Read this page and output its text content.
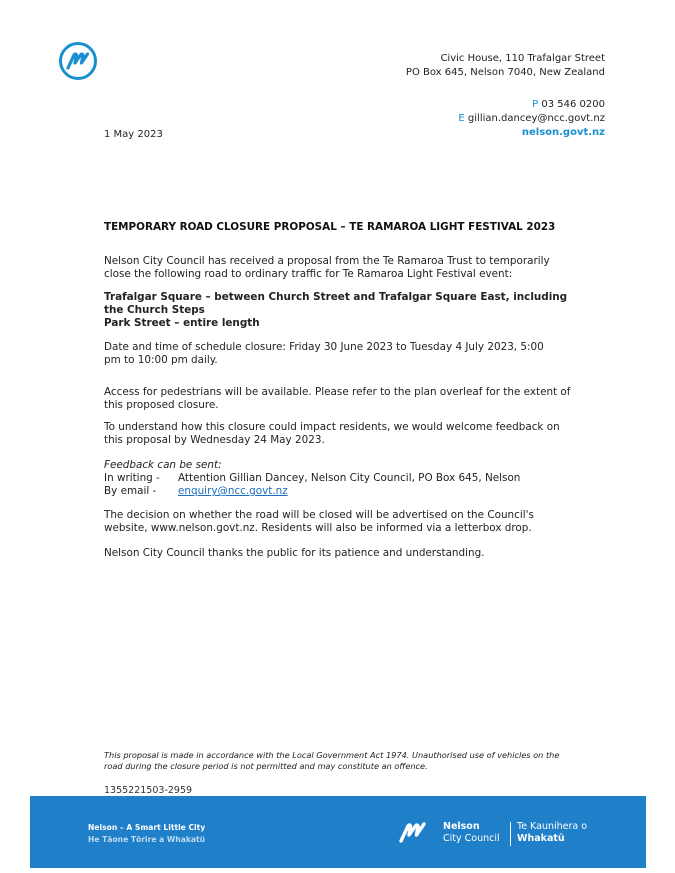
Civic House, 110 Trafalgar Street
PO Box 645, Nelson 7040, New Zealand
P 03 546 0200
E gillian.dancey@ncc.govt.nz
nelson.govt.nz
1 May 2023
TEMPORARY ROAD CLOSURE PROPOSAL – TE RAMAROA LIGHT FESTIVAL 2023
Nelson City Council has received a proposal from the Te Ramaroa Trust to temporarily
close the following road to ordinary traffic for Te Ramaroa Light Festival event:
Trafalgar Square – between Church Street and Trafalgar Square East, including
the Church Steps
Park Street – entire length
Date and time of schedule closure: Friday 30 June 2023 to Tuesday 4 July 2023, 5:00
pm to 10:00 pm daily.
Access for pedestrians will be available. Please refer to the plan overleaf for the extent of
this proposed closure.
To understand how this closure could impact residents, we would welcome feedback on
this proposal by Wednesday 24 May 2023.
Feedback can be sent:
In writing - Attention Gillian Dancey, Nelson City Council, PO Box 645, Nelson
By email - enquiry@ncc.govt.nz
The decision on whether the road will be closed will be advertised on the Council's
website, www.nelson.govt.nz. Residents will also be informed via a letterbox drop.
Nelson City Council thanks the public for its patience and understanding.
This proposal is made in accordance with the Local Government Act 1974. Unauthorised use of vehicles on the
road during the closure period is not permitted and may constitute an offence.
1355221503-2959
Nelson – A Smart Little City
He Tāone Tōrire a Whakatū
Nelson
City Council
Te Kaunihera o
Whakatū
